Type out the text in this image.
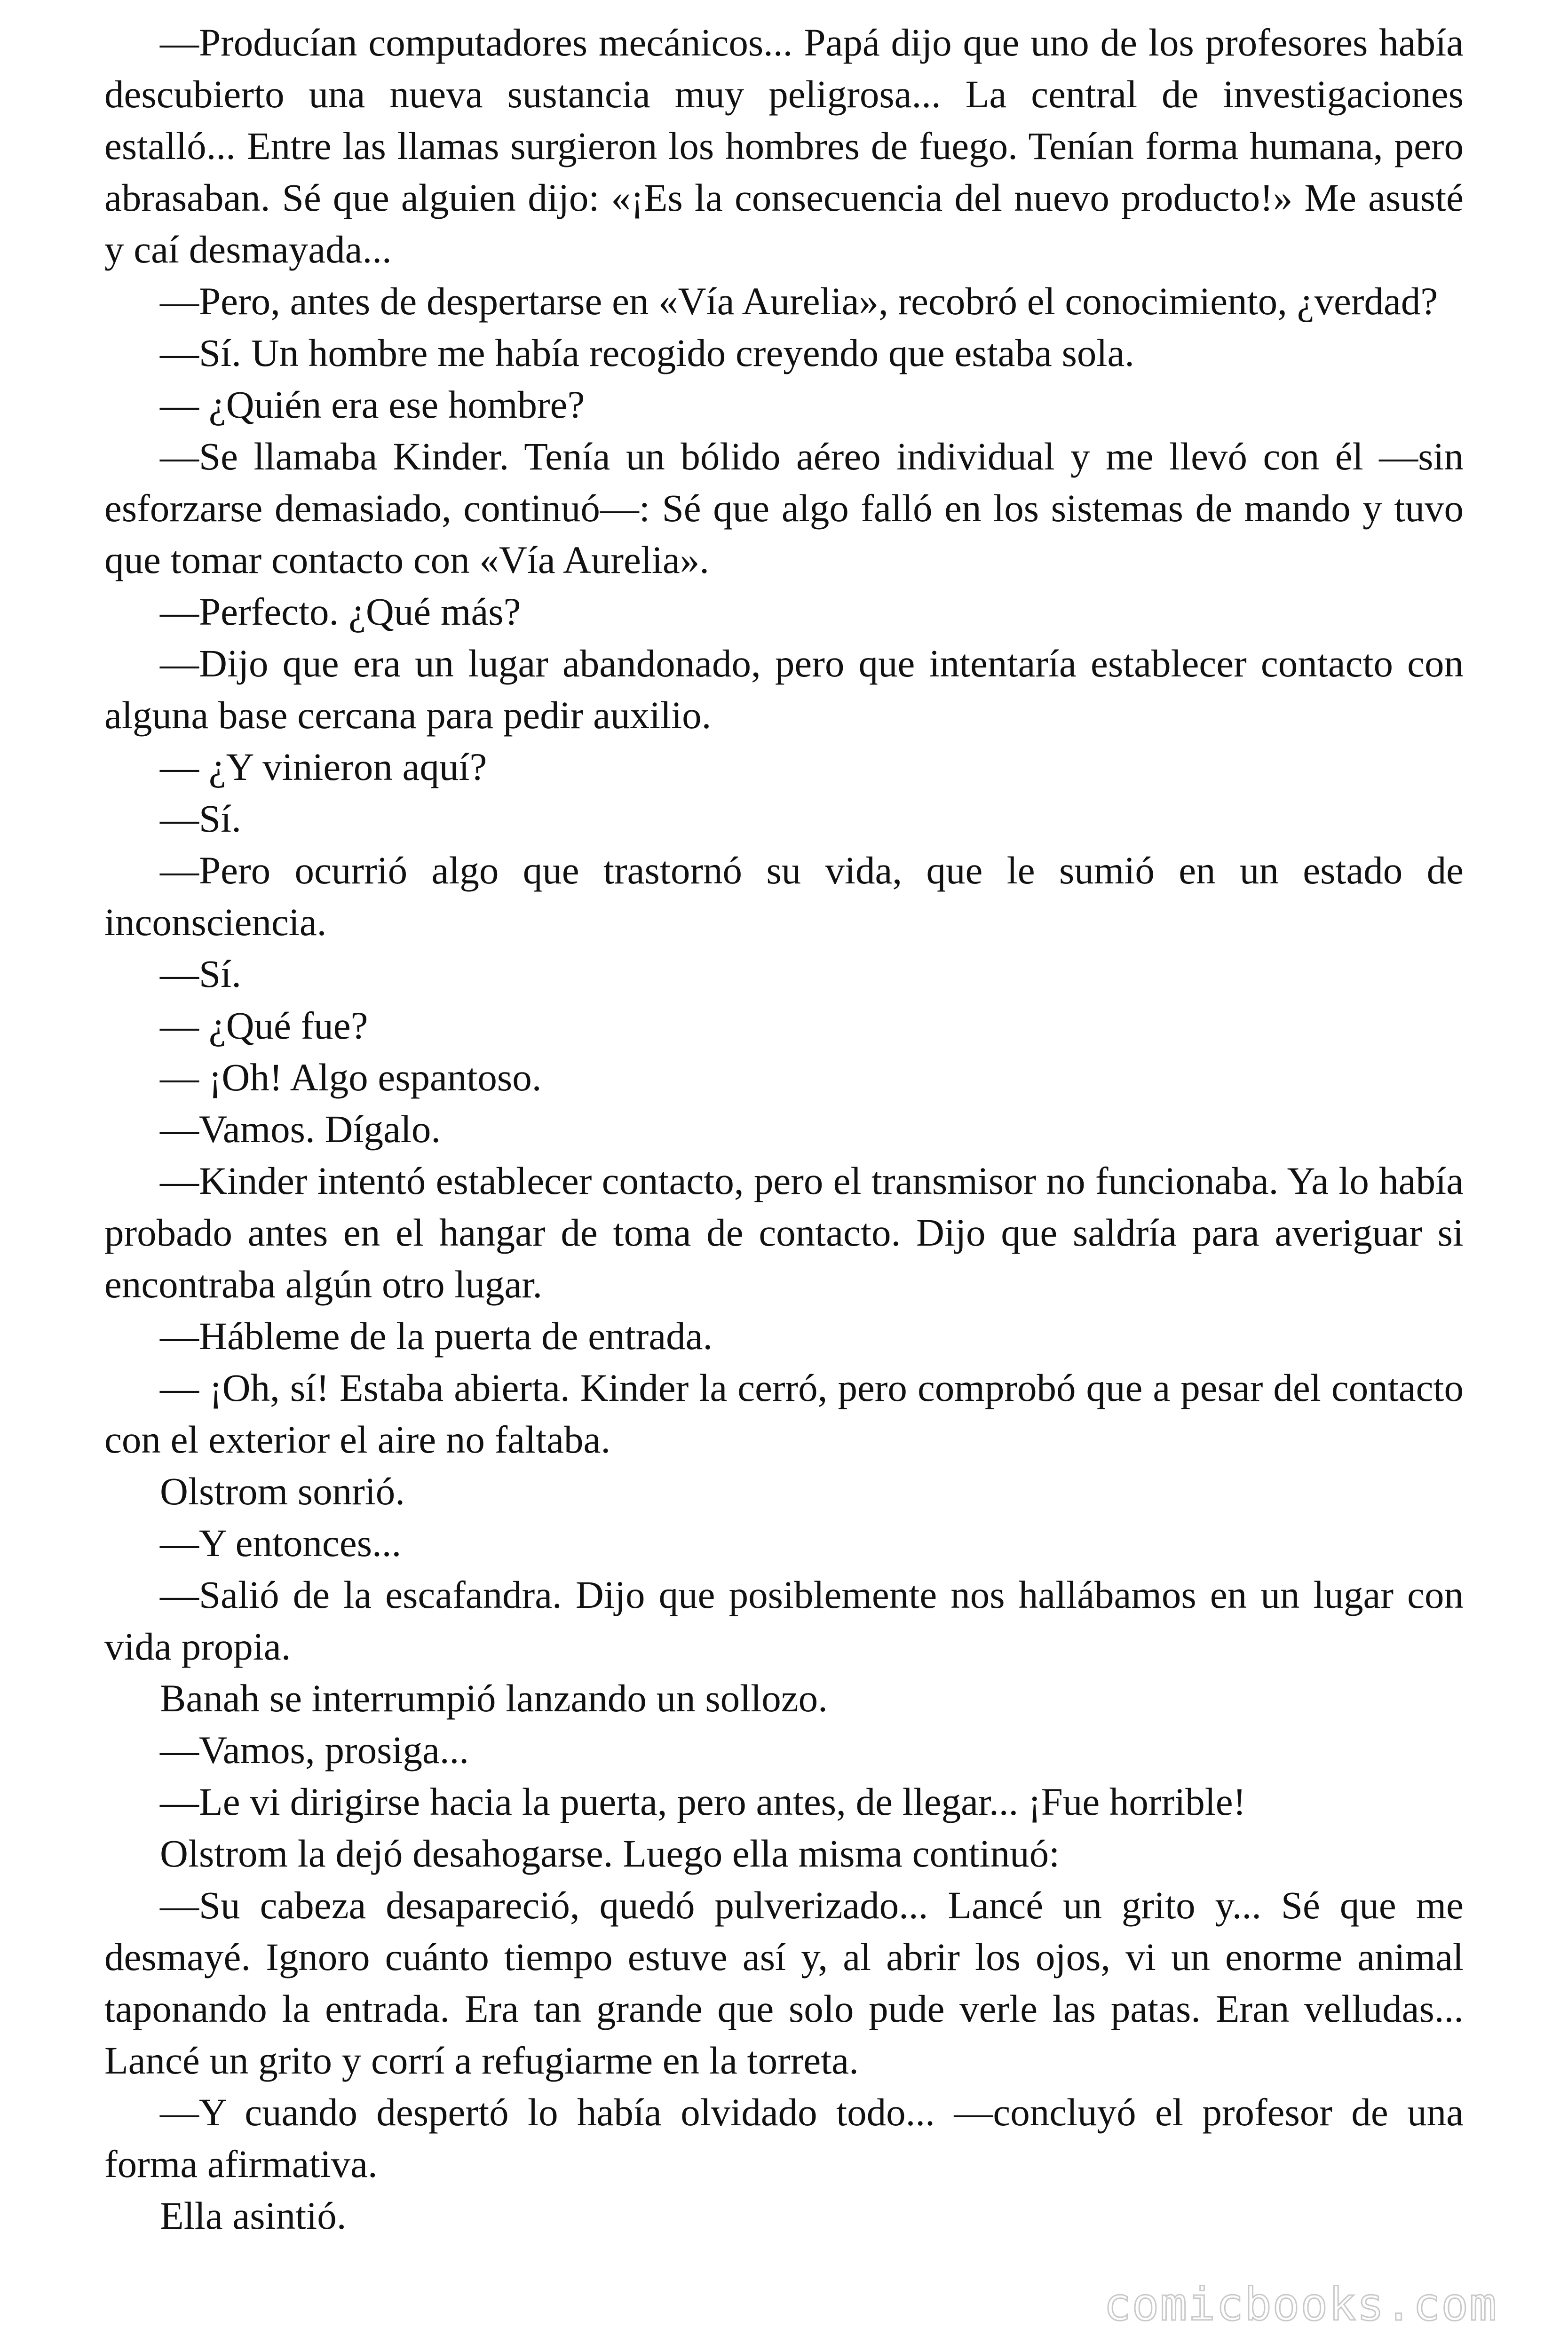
—Producían computadores mecánicos... Papá dijo que uno de los profesores había descubierto una nueva sustancia muy peligrosa... La central de investigaciones estalló... Entre las llamas surgieron los hombres de fuego. Tenían forma humana, pero abrasaban. Sé que alguien dijo: «¡Es la consecuencia del nuevo producto!» Me asusté y caí desmayada...

—Pero, antes de despertarse en «Vía Aurelia», recobró el conocimiento, ¿verdad?

—Sí. Un hombre me había recogido creyendo que estaba sola.

— ¿Quién era ese hombre?

—Se llamaba Kinder. Tenía un bólido aéreo individual y me llevó con él —sin esforzarse demasiado, continuó—: Sé que algo falló en los sistemas de mando y tuvo que tomar contacto con «Vía Aurelia».

—Perfecto. ¿Qué más?

—Dijo que era un lugar abandonado, pero que intentaría establecer contacto con alguna base cercana para pedir auxilio.

— ¿Y vinieron aquí?

—Sí.

—Pero ocurrió algo que trastornó su vida, que le sumió en un estado de inconsciencia.

—Sí.

— ¿Qué fue?

— ¡Oh! Algo espantoso.

—Vamos. Dígalo.

—Kinder intentó establecer contacto, pero el transmisor no funcionaba. Ya lo había probado antes en el hangar de toma de contacto. Dijo que saldría para averiguar si encontraba algún otro lugar.

—Hábleme de la puerta de entrada.

— ¡Oh, sí! Estaba abierta. Kinder la cerró, pero comprobó que a pesar del contacto con el exterior el aire no faltaba.

Olstrom sonrió.

—Y entonces...

—Salió de la escafandra. Dijo que posiblemente nos hallábamos en un lugar con vida propia.

Banah se interrumpió lanzando un sollozo.

—Vamos, prosiga...

—Le vi dirigirse hacia la puerta, pero antes, de llegar... ¡Fue horrible!

Olstrom la dejó desahogarse. Luego ella misma continuó:

—Su cabeza desapareció, quedó pulverizado... Lancé un grito y... Sé que me desmayé. Ignoro cuánto tiempo estuve así y, al abrir los ojos, vi un enorme animal taponando la entrada. Era tan grande que solo pude verle las patas. Eran velludas... Lancé un grito y corrí a refugiarme en la torreta.

—Y cuando despertó lo había olvidado todo... —concluyó el profesor de una forma afirmativa.

Ella asintió.

comicbooks.com
